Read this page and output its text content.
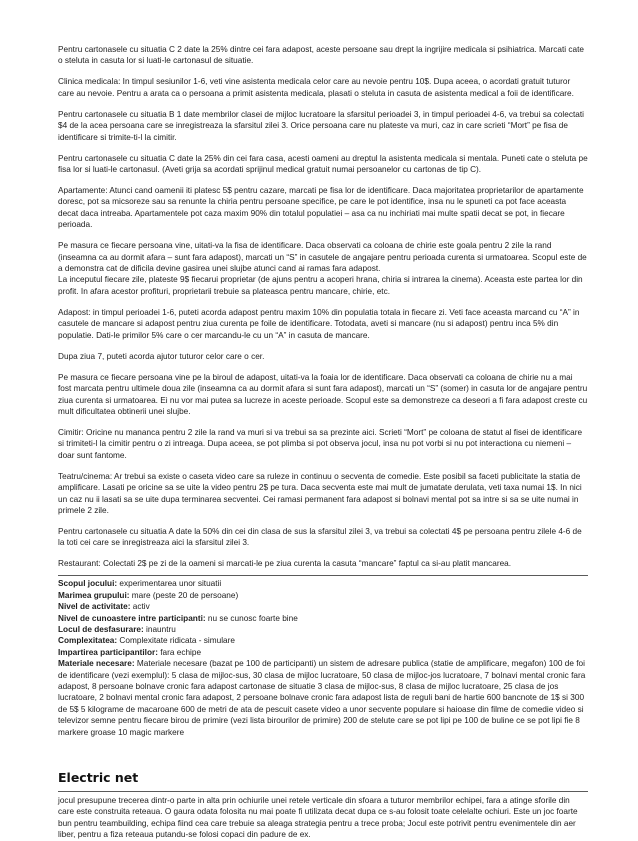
Pentru cartonasele cu situatia C 2 date la 25% dintre cei fara adapost, aceste persoane sau drept la ingrijire medicala si psihiatrica. Marcati cate o steluta in casuta lor si luati-le cartonasul de situatie.

Clinica medicala: In timpul sesiunilor 1-6, veti vine asistenta medicala celor care au nevoie pentru 10$. Dupa aceea, o acordati gratuit tuturor care au nevoie. Pentru a arata ca o persoana a primit asistenta medicala, plasati o steluta in casuta de asistenta medical a foii de identificare.

Pentru cartonasele cu situatia B 1 date membrilor clasei de mijloc lucratoare la sfarsitul perioadei 3, in timpul perioadei 4-6, va trebui sa colectati $4 de la acea persoana care se inregistreaza la sfarsitul zilei 3. Orice persoana care nu plateste va muri, caz in care scrieti “Mort” pe fisa de identificare si trimite-ti-l la cimitir.

Pentru cartonasele cu situatia C date la 25% din cei fara casa, acesti oameni au dreptul la asistenta medicala si mentala. Puneti cate o steluta pe fisa lor si luati-le cartonasul. (Aveti grija sa acordati sprijinul medical gratuit numai persoanelor cu cartonas de tip C).

Apartamente: Atunci cand oamenii iti platesc 5$ pentru cazare, marcati pe fisa lor de identificare. Daca majoritatea proprietarilor de apartamente doresc, pot sa micsoreze sau sa renunte la chiria pentru persoane specifice, pe care le pot identifice, insa nu le spuneti ca pot face aceasta decat daca intreaba. Apartamentele pot caza maxim 90% din totalul populatiei – asa ca nu inchiriati mai multe spatii decat se pot, in fiecare perioada.

Pe masura ce fiecare persoana vine, uitati-va la fisa de identificare. Daca observati ca coloana de chirie este goala pentru 2 zile la rand (inseamna ca au dormit afara – sunt fara adapost), marcati un “S” in casutele de angajare pentru perioada curenta si urmatoarea. Scopul este de a demonstra cat de dificila devine gasirea unei slujbe atunci cand ai ramas fara adapost.
La inceputul fiecare zile, plateste 9$ fiecarui proprietar (de ajuns pentru a acoperi hrana, chiria si intrarea la cinema). Aceasta este partea lor din profit. In afara acestor profituri, proprietarii trebuie sa plateasca pentru mancare, chirie, etc.

Adapost: in timpul perioadei 1-6, puteti acorda adapost pentru maxim 10% din populatia totala in fiecare zi. Veti face aceasta marcand cu “A” in casutele de mancare si adapost pentru ziua curenta pe foile de identificare. Totodata, aveti si mancare (nu si adapost) pentru inca 5% din populatie. Dati-le primilor 5% care o cer marcandu-le cu un “A” in casuta de mancare.

Dupa ziua 7, puteti acorda ajutor tuturor celor care o cer.

Pe masura ce fiecare persoana vine pe la biroul de adapost, uitati-va la foaia lor de identificare. Daca observati ca coloana de chirie nu a mai fost marcata pentru ultimele doua zile (inseamna ca au dormit afara si sunt fara adapost), marcati un “S” (somer) in casuta lor de angajare pentru ziua curenta si urmatoarea. Ei nu vor mai putea sa lucreze in aceste perioade. Scopul este sa demonstreze ca deseori a fi fara adapost creste cu mult dificultatea obtinerii unei slujbe.

Cimitir: Oricine nu mananca pentru 2 zile la rand va muri si va trebui sa sa prezinte aici. Scrieti “Mort” pe coloana de statut al fisei de identificare si trimiteti-l la cimitir pentru o zi intreaga. Dupa aceea, se pot plimba si pot observa jocul, insa nu pot vorbi si nu pot interactiona cu niemeni – doar sunt fantome.

Teatru/cinema: Ar trebui sa existe o caseta video care sa ruleze in continuu o secventa de comedie. Este posibil sa faceti publicitate la statia de amplificare. Lasati pe oricine sa se uite la video pentru 2$ pe tura. Daca secventa este mai mult de jumatate derulata, veti taxa numai 1$. In nici un caz nu ii lasati sa se uite dupa terminarea secventei. Cei ramasi permanent fara adapost si bolnavi mental pot sa intre si sa se uite numai in primele 2 zile.

Pentru cartonasele cu situatia A date la 50% din cei din clasa de sus la sfarsitul zilei 3, va trebui sa colectati 4$ pe persoana pentru zilele 4-6 de la toti cei care se inregistreaza aici la sfarsitul zilei 3.

Restaurant: Colectati 2$ pe zi de la oameni si marcati-le pe ziua curenta la casuta “mancare” faptul ca si-au platit mancarea.

Scopul jocului: experimentarea unor situatii
Marimea grupului: mare (peste 20 de persoane)
Nivel de activitate: activ
Nivel de cunoastere intre participanti: nu se cunosc foarte bine
Locul de desfasurare: inauntru
Complexitatea: Complexitate ridicata - simulare
Impartirea participantilor: fara echipe
Materiale necesare: Materiale necesare (bazat pe 100 de participanti) un sistem de adresare publica (statie de amplificare, megafon) 100 de foi de identificare (vezi exemplul): 5 clasa de mijloc-sus, 30 clasa de mijloc lucratoare, 50 clasa de mijloc-jos lucratoare, 7 bolnavi mental cronic fara adapost, 8 persoane bolnave cronic fara adapost cartonase de situatie 3 clasa de mijloc-sus, 8 clasa de mijloc lucratoare, 25 clasa de jos lucratoare, 2 bolnavi mental cronic fara adapost, 2 persoane bolnave cronic fara adapost lista de reguli bani de hartie 600 bancnote de 1$ si 300 de 5$ 5 kilograme de macaroane 600 de metri de ata de pescuit casete video a unor secvente populare si haioase din filme de comedie video si televizor semne pentru fiecare birou de primire (vezi lista birourilor de primire) 200 de stelute care se pot lipi pe 100 de buline ce se pot lipi fie 8 markere groase 10 magic markere
Electric net

jocul presupune trecerea dintr-o parte in alta prin ochiurile unei retele verticale din sfoara a tuturor membrilor echipei, fara a atinge sforile din care este construita reteaua. O gaura odata folosita nu mai poate fi utilizata decat dupa ce s-au folosit toate celelalte ochiuri. Este un joc foarte bun pentru teambuilding, echipa fiind cea care trebuie sa aleaga strategia pentru a trece proba; Jocul este potrivit pentru evenimentele din aer liber, pentru a fiza reteaua putandu-se folosi copaci din padure de ex.
